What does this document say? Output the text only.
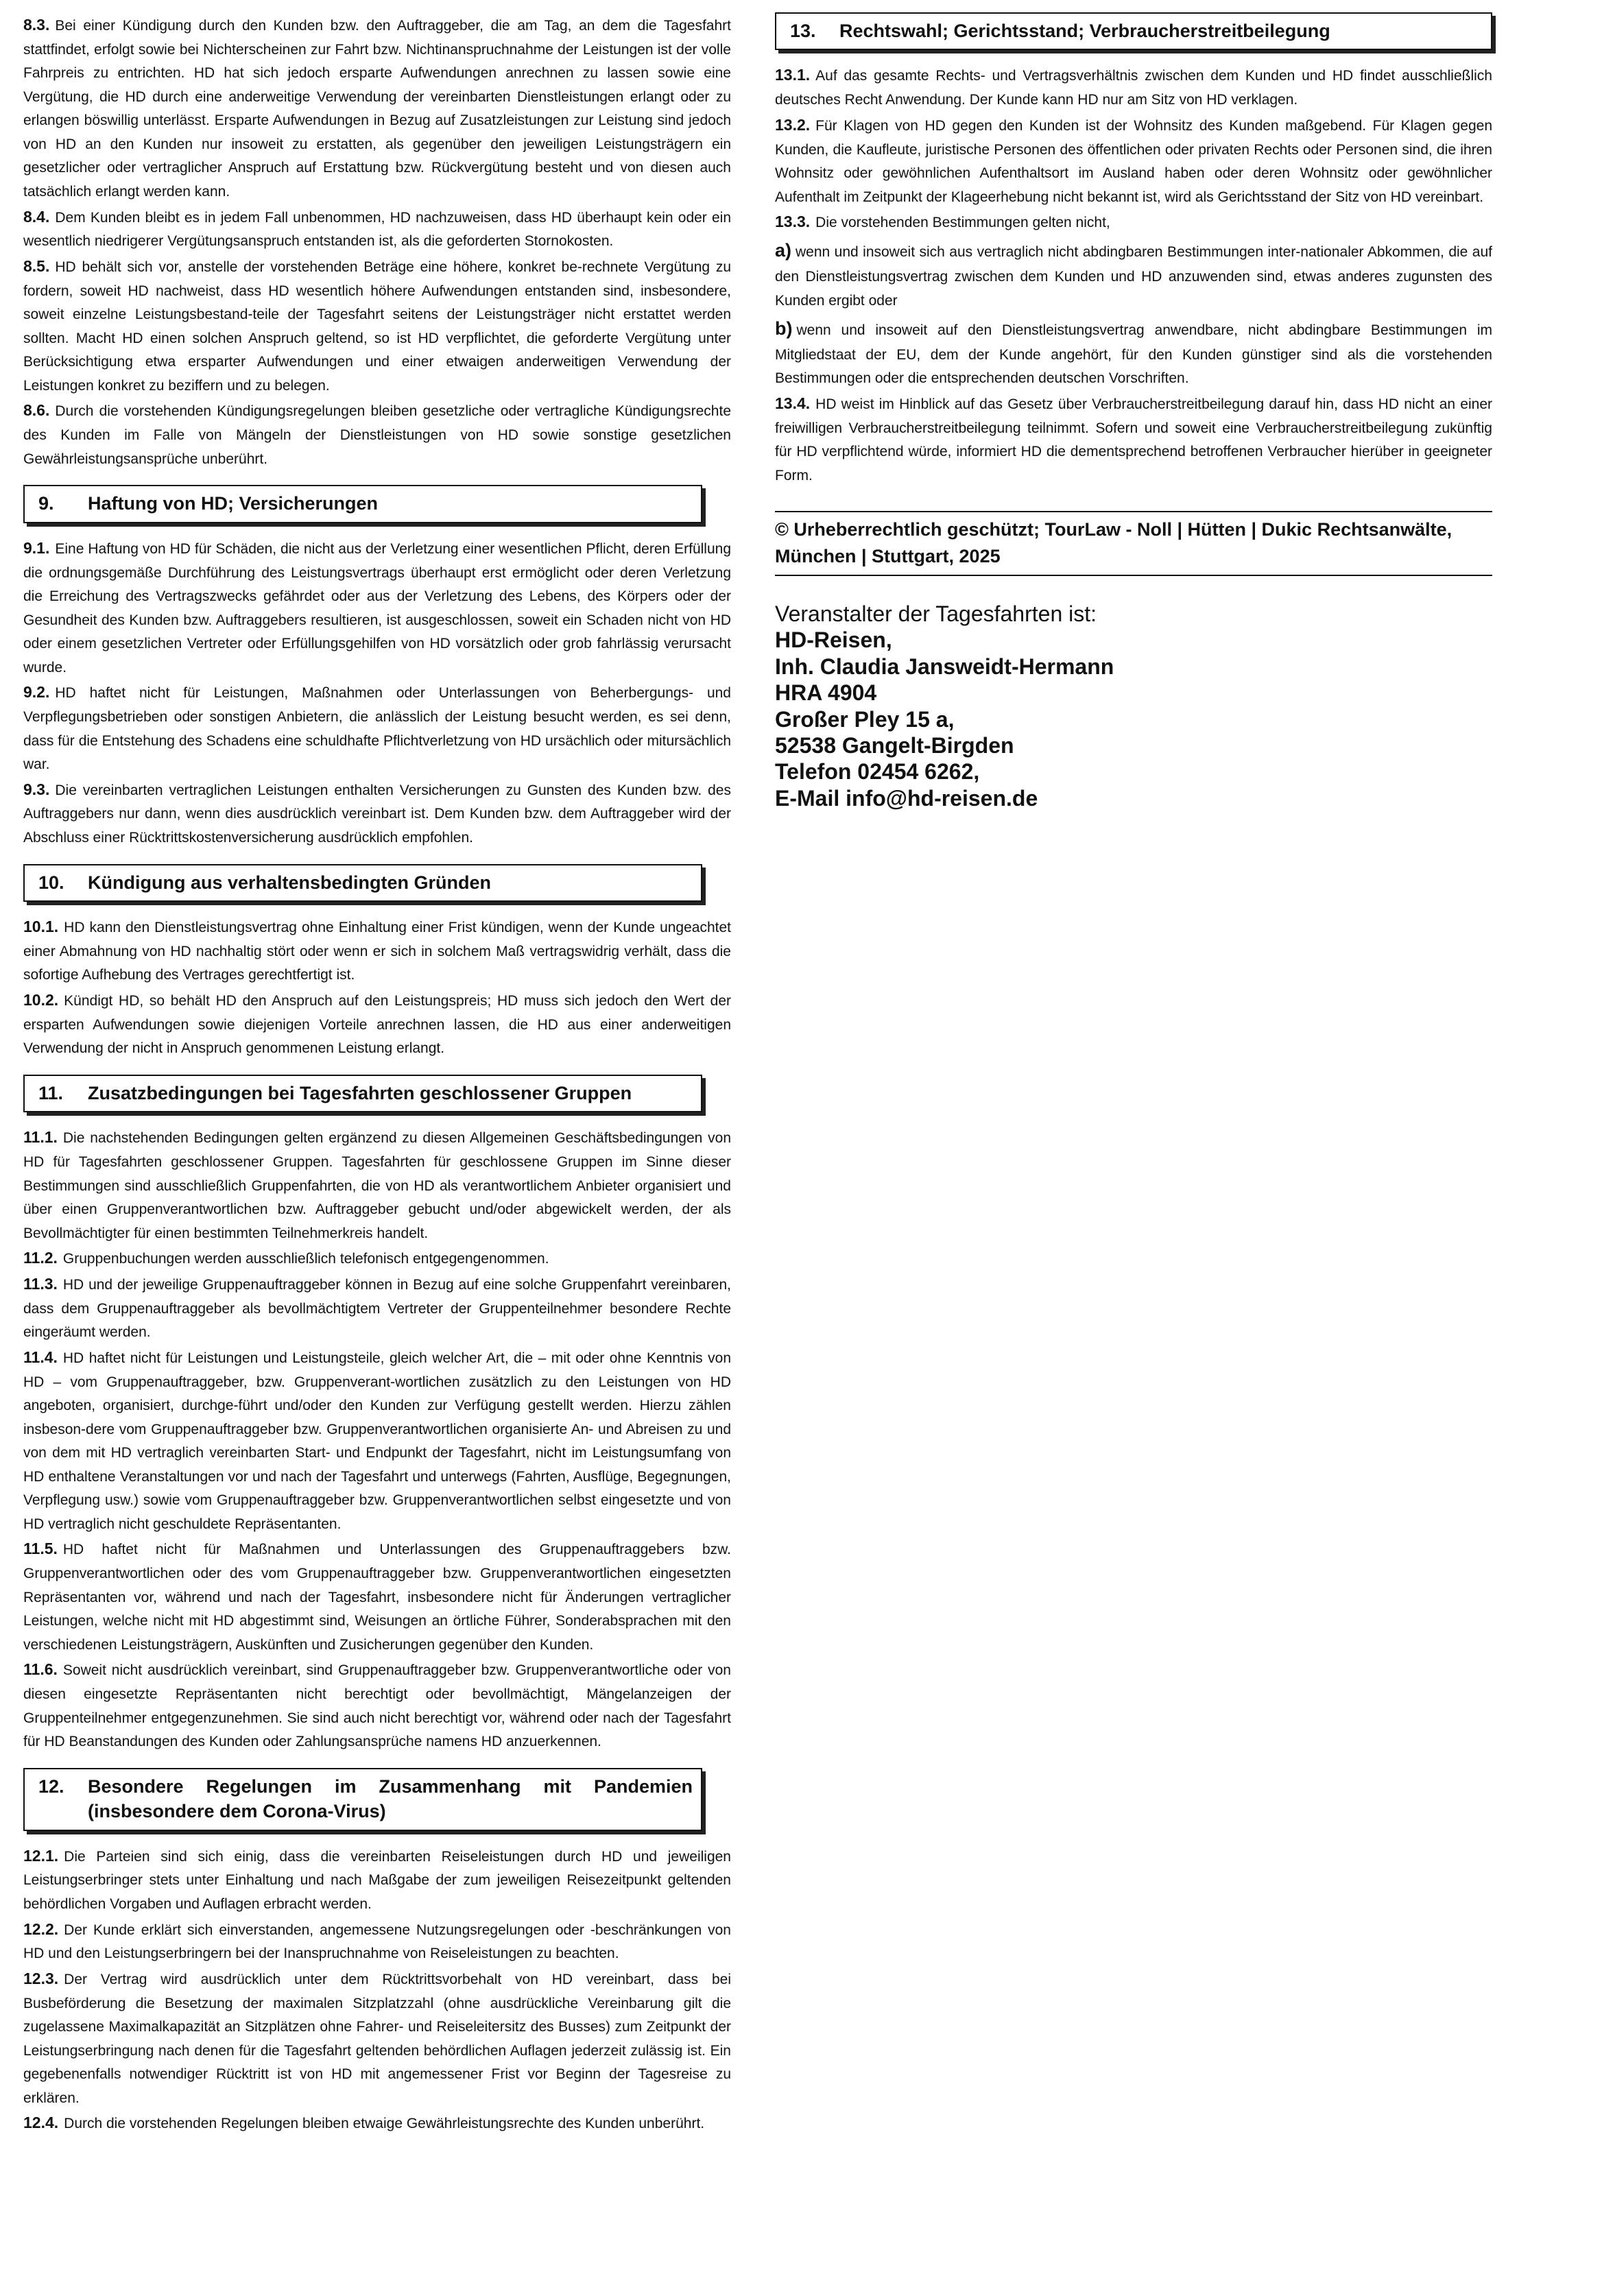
8.3. Bei einer Kündigung durch den Kunden bzw. den Auftraggeber, die am Tag, an dem die Tagesfahrt stattfindet, erfolgt sowie bei Nichterscheinen zur Fahrt bzw. Nichtinanspruchnahme der Leistungen ist der volle Fahrpreis zu entrichten. HD hat sich jedoch ersparte Aufwendungen anrechnen zu lassen sowie eine Vergütung, die HD durch eine anderweitige Verwendung der vereinbarten Dienstleistungen erlangt oder zu erlangen böswillig unterlässt. Ersparte Aufwendungen in Bezug auf Zusatzleistungen zur Leistung sind jedoch von HD an den Kunden nur insoweit zu erstatten, als gegenüber den jeweiligen Leistungsträgern ein gesetzlicher oder vertraglicher Anspruch auf Erstattung bzw. Rückvergütung besteht und von diesen auch tatsächlich erlangt werden kann.

8.4. Dem Kunden bleibt es in jedem Fall unbenommen, HD nachzuweisen, dass HD überhaupt kein oder ein wesentlich niedrigerer Vergütungsanspruch entstanden ist, als die geforderten Stornokosten.

8.5. HD behält sich vor, anstelle der vorstehenden Beträge eine höhere, konkret be-rechnete Vergütung zu fordern, soweit HD nachweist, dass HD wesentlich höhere Aufwendungen entstanden sind, insbesondere, soweit einzelne Leistungsbestand-teile der Tagesfahrt seitens der Leistungsträger nicht erstattet werden sollten. Macht HD einen solchen Anspruch geltend, so ist HD verpflichtet, die geforderte Vergütung unter Berücksichtigung etwa ersparter Aufwendungen und einer etwaigen anderweitigen Verwendung der Leistungen konkret zu beziffern und zu belegen.

8.6. Durch die vorstehenden Kündigungsregelungen bleiben gesetzliche oder vertragliche Kündigungsrechte des Kunden im Falle von Mängeln der Dienstleistungen von HD sowie sonstige gesetzlichen Gewährleistungsansprüche unberührt.

9.	Haftung von HD; Versicherungen

9.1. Eine Haftung von HD für Schäden, die nicht aus der Verletzung einer wesentlichen Pflicht, deren Erfüllung die ordnungsgemäße Durchführung des Leistungsvertrags überhaupt erst ermöglicht oder deren Verletzung die Erreichung des Vertragszwecks gefährdet oder aus der Verletzung des Lebens, des Körpers oder der Gesundheit des Kunden bzw. Auftraggebers resultieren, ist ausgeschlossen, soweit ein Schaden nicht von HD oder einem gesetzlichen Vertreter oder Erfüllungsgehilfen von HD vorsätzlich oder grob fahrlässig verursacht wurde.

9.2. HD haftet nicht für Leistungen, Maßnahmen oder Unterlassungen von Beherbergungs- und Verpflegungsbetrieben oder sonstigen Anbietern, die anlässlich der Leistung besucht werden, es sei denn, dass für die Entstehung des Schadens eine schuldhafte Pflichtverletzung von HD ursächlich oder mitursächlich war.

9.3. Die vereinbarten vertraglichen Leistungen enthalten Versicherungen zu Gunsten des Kunden bzw. des Auftraggebers nur dann, wenn dies ausdrücklich vereinbart ist. Dem Kunden bzw. dem Auftraggeber wird der Abschluss einer Rücktrittskostenversicherung ausdrücklich empfohlen.

10.	Kündigung aus verhaltensbedingten Gründen

10.1. HD kann den Dienstleistungsvertrag ohne Einhaltung einer Frist kündigen, wenn der Kunde ungeachtet einer Abmahnung von HD nachhaltig stört oder wenn er sich in solchem Maß vertragswidrig verhält, dass die sofortige Aufhebung des Vertrages gerechtfertigt ist.

10.2. Kündigt HD, so behält HD den Anspruch auf den Leistungspreis; HD muss sich jedoch den Wert der ersparten Aufwendungen sowie diejenigen Vorteile anrechnen lassen, die HD aus einer anderweitigen Verwendung der nicht in Anspruch genommenen Leistung erlangt.

11.	Zusatzbedingungen bei Tagesfahrten geschlossener Gruppen

11.1. Die nachstehenden Bedingungen gelten ergänzend zu diesen Allgemeinen Geschäftsbedingungen von HD für Tagesfahrten geschlossener Gruppen. Tagesfahrten für geschlossene Gruppen im Sinne dieser Bestimmungen sind ausschließlich Gruppenfahrten, die von HD als verantwortlichem Anbieter organisiert und über einen Gruppenverantwortlichen bzw. Auftraggeber gebucht und/oder abgewickelt werden, der als Bevollmächtigter für einen bestimmten Teilnehmerkreis handelt.

11.2. Gruppenbuchungen werden ausschließlich telefonisch entgegengenommen.

11.3. HD und der jeweilige Gruppenauftraggeber können in Bezug auf eine solche Gruppenfahrt vereinbaren, dass dem Gruppenauftraggeber als bevollmächtigtem Vertreter der Gruppenteilnehmer besondere Rechte eingeräumt werden.

11.4. HD haftet nicht für Leistungen und Leistungsteile, gleich welcher Art, die – mit oder ohne Kenntnis von HD – vom Gruppenauftraggeber, bzw. Gruppenverant-wortlichen zusätzlich zu den Leistungen von HD angeboten, organisiert, durchge-führt und/oder den Kunden zur Verfügung gestellt werden. Hierzu zählen insbeson-dere vom Gruppenauftraggeber bzw. Gruppenverantwortlichen organisierte An- und Abreisen zu und von dem mit HD vertraglich vereinbarten Start- und Endpunkt der Tagesfahrt, nicht im Leistungsumfang von HD enthaltene Veranstaltungen vor und nach der Tagesfahrt und unterwegs (Fahrten, Ausflüge, Begegnungen, Verpflegung usw.) sowie vom Gruppenauftraggeber bzw. Gruppenverantwortlichen selbst eingesetzte und von HD vertraglich nicht geschuldete Repräsentanten.

11.5. HD haftet nicht für Maßnahmen und Unterlassungen des Gruppenauftraggebers bzw. Gruppenverantwortlichen oder des vom Gruppenauftraggeber bzw. Gruppenverantwortlichen eingesetzten Repräsentanten vor, während und nach der Tagesfahrt, insbesondere nicht für Änderungen vertraglicher Leistungen, welche nicht mit HD abgestimmt sind, Weisungen an örtliche Führer, Sonderabsprachen mit den verschiedenen Leistungsträgern, Auskünften und Zusicherungen gegenüber den Kunden.

11.6. Soweit nicht ausdrücklich vereinbart, sind Gruppenauftraggeber bzw. Gruppenverantwortliche oder von diesen eingesetzte Repräsentanten nicht berechtigt oder bevollmächtigt, Mängelanzeigen der Gruppenteilnehmer entgegenzunehmen. Sie sind auch nicht berechtigt vor, während oder nach der Tagesfahrt für HD Beanstandungen des Kunden oder Zahlungsansprüche namens HD anzuerkennen.

12.	Besondere Regelungen im Zusammenhang mit Pandemien (insbesondere dem Corona-Virus)

12.1. Die Parteien sind sich einig, dass die vereinbarten Reiseleistungen durch HD und jeweiligen Leistungserbringer stets unter Einhaltung und nach Maßgabe der zum jeweiligen Reisezeitpunkt geltenden behördlichen Vorgaben und Auflagen erbracht werden.

12.2. Der Kunde erklärt sich einverstanden, angemessene Nutzungsregelungen oder -beschränkungen von HD und den Leistungserbringern bei der Inanspruchnahme von Reiseleistungen zu beachten.

12.3. Der Vertrag wird ausdrücklich unter dem Rücktrittsvorbehalt von HD vereinbart, dass bei Busbeförderung die Besetzung der maximalen Sitzplatzzahl (ohne ausdrückliche Vereinbarung gilt die zugelassene Maximalkapazität an Sitzplätzen ohne Fahrer- und Reiseleitersitz des Busses) zum Zeitpunkt der Leistungserbringung nach denen für die Tagesfahrt geltenden behördlichen Auflagen jederzeit zulässig ist. Ein gegebenenfalls notwendiger Rücktritt ist von HD mit angemessener Frist vor Beginn der Tagesreise zu erklären.

12.4. Durch die vorstehenden Regelungen bleiben etwaige Gewährleistungsrechte des Kunden unberührt.

13.	Rechtswahl; Gerichtsstand; Verbraucherstreitbeilegung

13.1. Auf das gesamte Rechts- und Vertragsverhältnis zwischen dem Kunden und HD findet ausschließlich deutsches Recht Anwendung. Der Kunde kann HD nur am Sitz von HD verklagen.

13.2. Für Klagen von HD gegen den Kunden ist der Wohnsitz des Kunden maßgebend. Für Klagen gegen Kunden, die Kaufleute, juristische Personen des öffentlichen oder privaten Rechts oder Personen sind, die ihren Wohnsitz oder gewöhnlichen Aufenthaltsort im Ausland haben oder deren Wohnsitz oder gewöhnlicher Aufenthalt im Zeitpunkt der Klageerhebung nicht bekannt ist, wird als Gerichtsstand der Sitz von HD vereinbart.

13.3. Die vorstehenden Bestimmungen gelten nicht,

a) wenn und insoweit sich aus vertraglich nicht abdingbaren Bestimmungen inter-nationaler Abkommen, die auf den Dienstleistungsvertrag zwischen dem Kunden und HD anzuwenden sind, etwas anderes zugunsten des Kunden ergibt oder

b) wenn und insoweit auf den Dienstleistungsvertrag anwendbare, nicht abdingbare Bestimmungen im Mitgliedstaat der EU, dem der Kunde angehört, für den Kunden günstiger sind als die vorstehenden Bestimmungen oder die entsprechenden deutschen Vorschriften.

13.4. HD weist im Hinblick auf das Gesetz über Verbraucherstreitbeilegung darauf hin, dass HD nicht an einer freiwilligen Verbraucherstreitbeilegung teilnimmt. Sofern und soweit eine Verbraucherstreitbeilegung zukünftig für HD verpflichtend würde, informiert HD die dementsprechend betroffenen Verbraucher hierüber in geeigneter Form.

© Urheberrechtlich geschützt; TourLaw - Noll | Hütten | Dukic Rechtsanwälte, München | Stuttgart, 2025
Veranstalter der Tagesfahrten ist:
HD-Reisen,
Inh. Claudia Jansweidt-Hermann
HRA 4904
Großer Pley 15 a,
52538 Gangelt-Birgden
Telefon 02454 6262,
E-Mail info@hd-reisen.de
